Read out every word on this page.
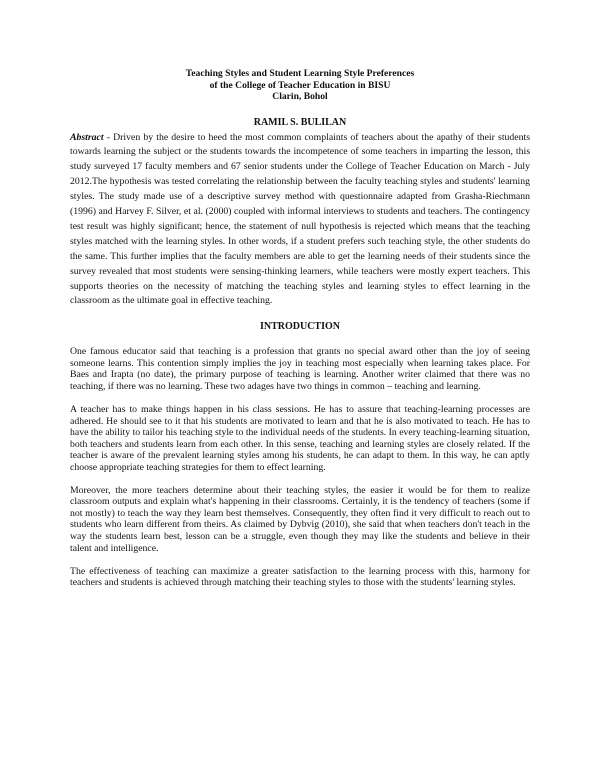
Teaching Styles and Student Learning Style Preferences
of the College of Teacher Education in BISU
Clarin, Bohol
RAMIL S. BULILAN

Abstract - Driven by the desire to heed the most common complaints of teachers about the apathy of their students towards learning the subject or the students towards the incompetence of some teachers in imparting the lesson, this study surveyed 17 faculty members and 67 senior students under the College of Teacher Education on March - July 2012.The hypothesis was tested correlating the relationship between the faculty teaching styles and students' learning styles. The study made use of a descriptive survey method with questionnaire adapted from Grasha-Riechmann (1996) and Harvey F. Silver, et al. (2000) coupled with informal interviews to students and teachers. The contingency test result was highly significant; hence, the statement of null hypothesis is rejected which means that the teaching styles matched with the learning styles. In other words, if a student prefers such teaching style, the other students do the same. This further implies that the faculty members are able to get the learning needs of their students since the survey revealed that most students were sensing-thinking learners, while teachers were mostly expert teachers. This supports theories on the necessity of matching the teaching styles and learning styles to effect learning in the classroom as the ultimate goal in effective teaching.

INTRODUCTION

One famous educator said that teaching is a profession that grants no special award other than the joy of seeing someone learns. This contention simply implies the joy in teaching most especially when learning takes place. For Baes and Irapta (no date), the primary purpose of teaching is learning. Another writer claimed that there was no teaching, if there was no learning. These two adages have two things in common – teaching and learning.

A teacher has to make things happen in his class sessions. He has to assure that teaching-learning processes are adhered. He should see to it that his students are motivated to learn and that he is also motivated to teach. He has to have the ability to tailor his teaching style to the individual needs of the students. In every teaching-learning situation, both teachers and students learn from each other. In this sense, teaching and learning styles are closely related. If the teacher is aware of the prevalent learning styles among his students, he can adapt to them. In this way, he can aptly choose appropriate teaching strategies for them to effect learning.

Moreover, the more teachers determine about their teaching styles, the easier it would be for them to realize classroom outputs and explain what's happening in their classrooms. Certainly, it is the tendency of teachers (some if not mostly) to teach the way they learn best themselves. Consequently, they often find it very difficult to reach out to students who learn different from theirs. As claimed by Dybvig (2010), she said that when teachers don't teach in the way the students learn best, lesson can be a struggle, even though they may like the students and believe in their talent and intelligence.

The effectiveness of teaching can maximize a greater satisfaction to the learning process with this, harmony for teachers and students is achieved through matching their teaching styles to those with the students' learning styles.
